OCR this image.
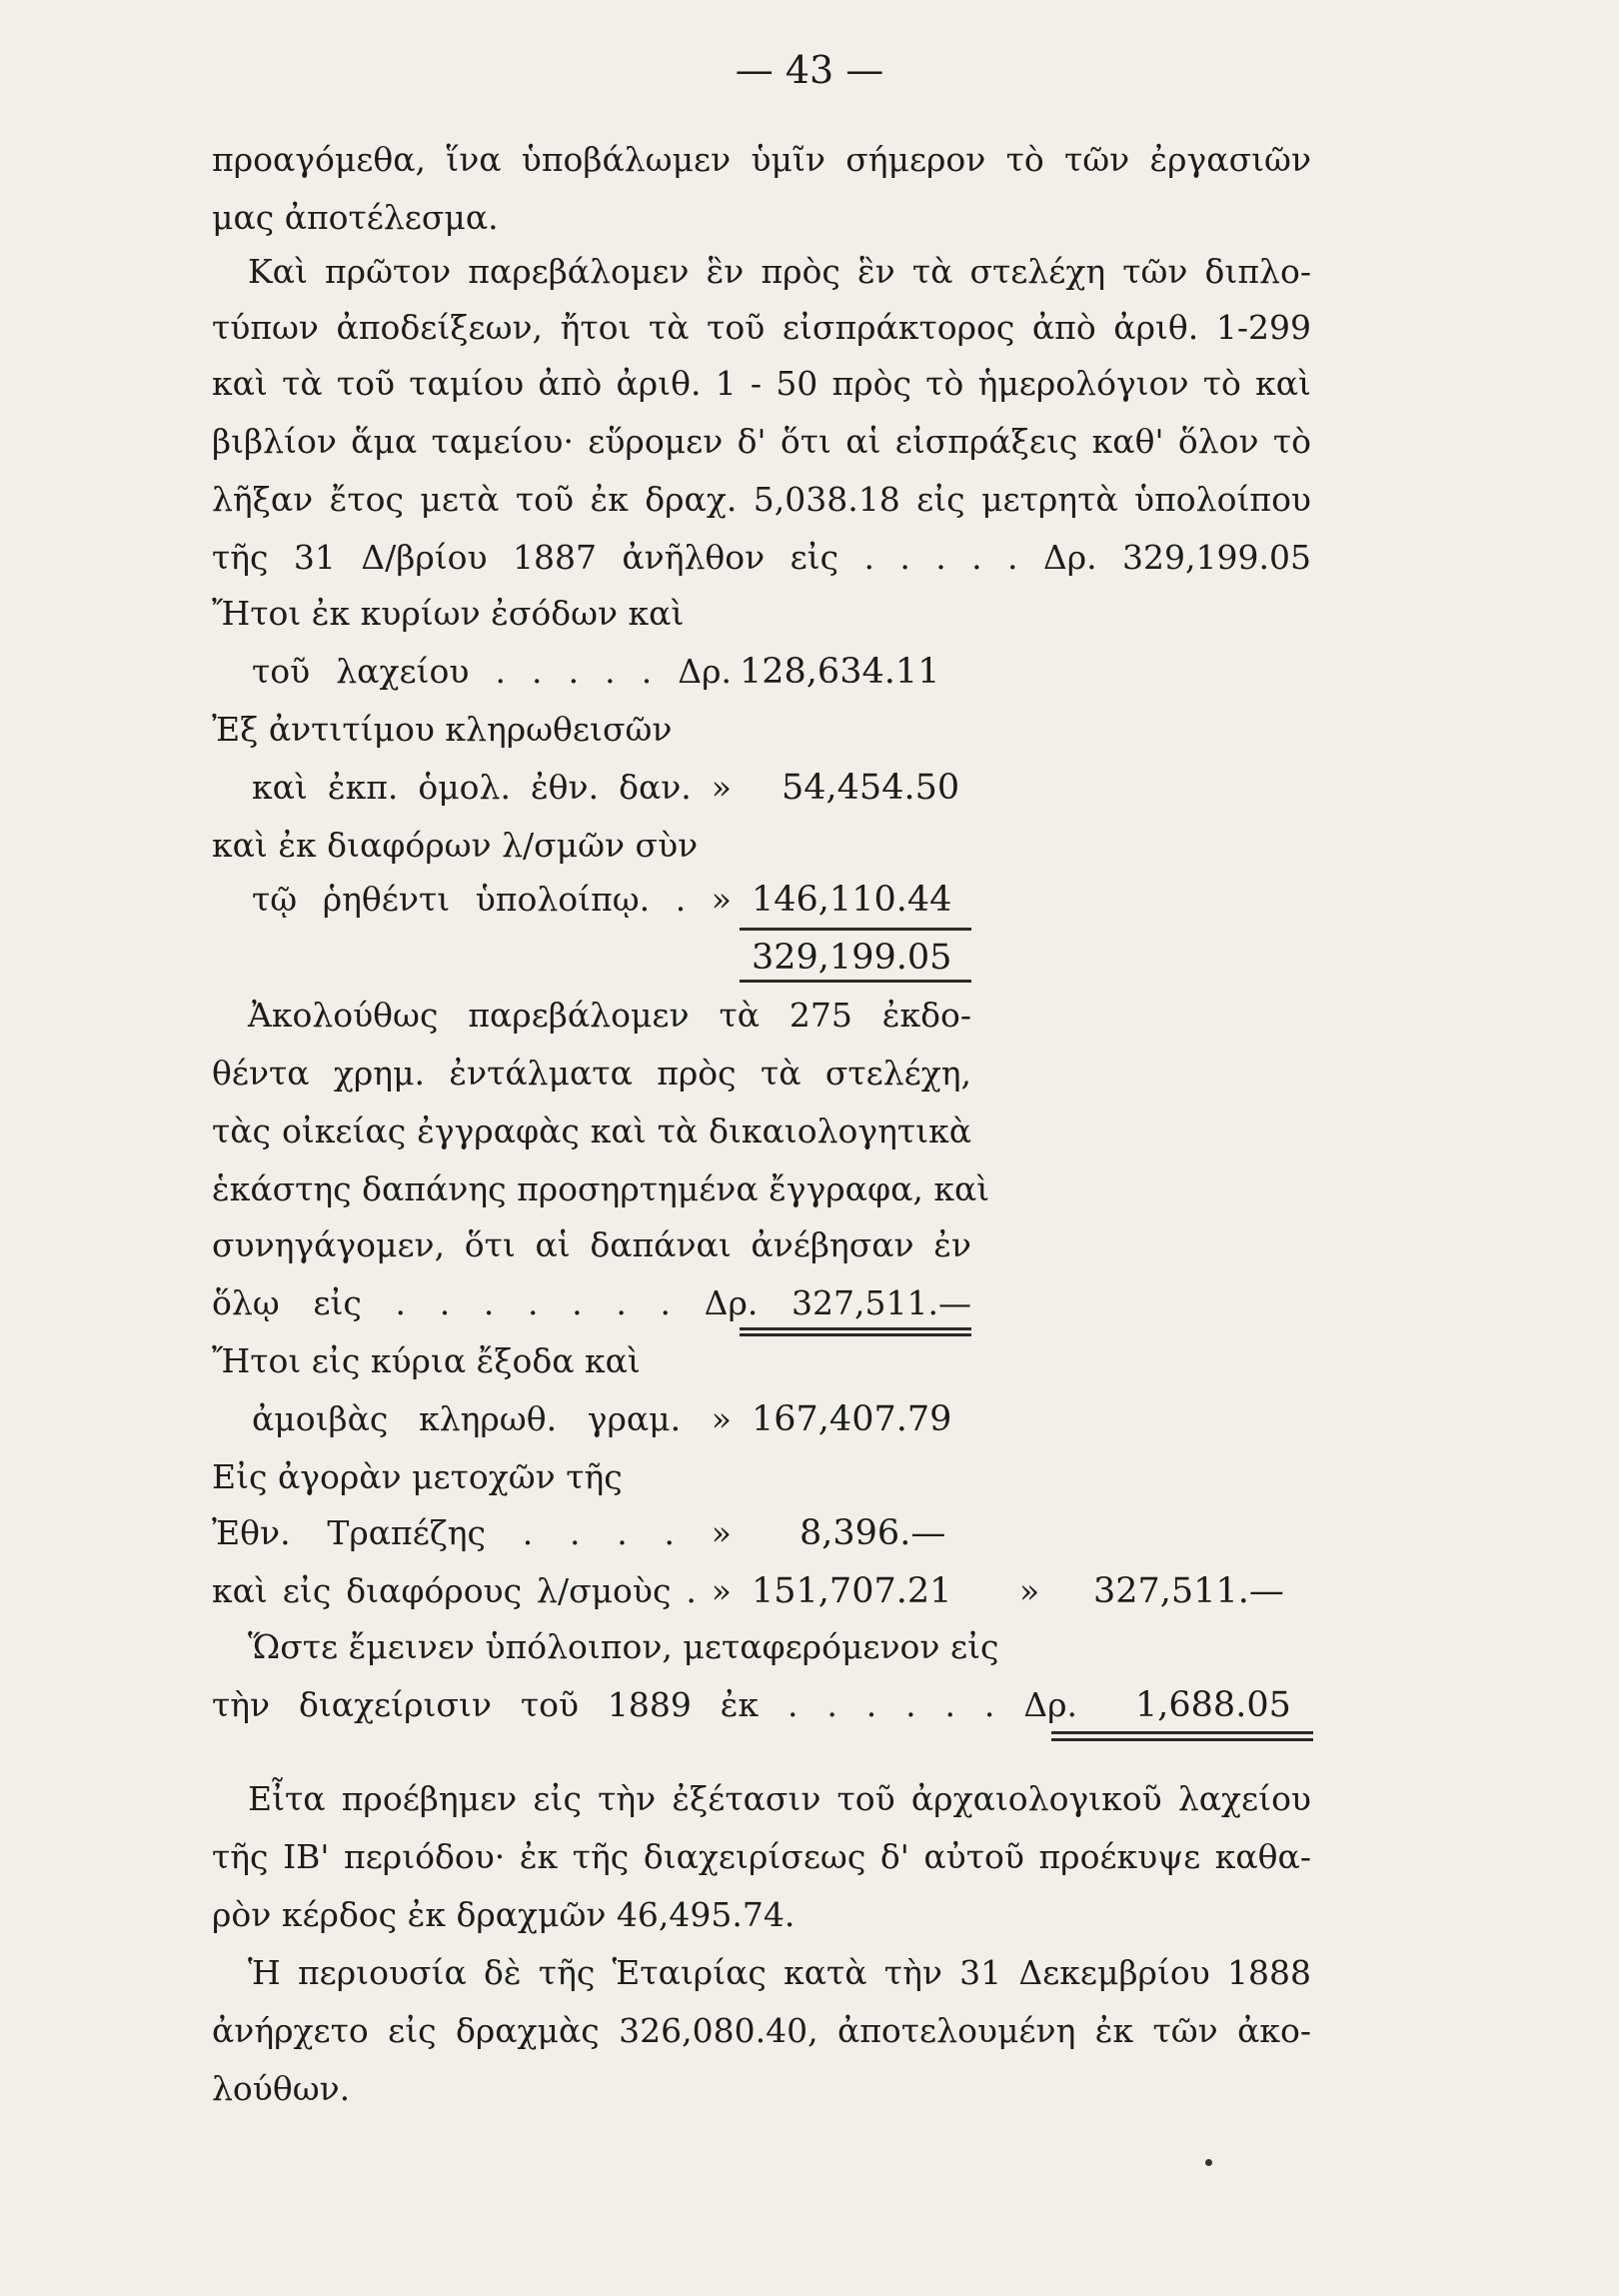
— 43 —
προαγόμεθα, ἵνα ὑποβάλωμεν ὑμῖν σήμερον τὸ τῶν ἐργασιῶν
μας ἀποτέλεσμα.
Καὶ πρῶτον παρεβάλομεν ἓν πρὸς ἓν τὰ στελέχη τῶν διπλο-
τύπων ἀποδείξεων, ἤτοι τὰ τοῦ εἰσπράκτορος ἀπὸ ἀριθ. 1-299
καὶ τὰ τοῦ ταμίου ἀπὸ ἀριθ. 1 - 50 πρὸς τὸ ἡμερολόγιον τὸ καὶ
βιβλίον ἅμα ταμείου· εὕρομεν δ' ὅτι αἱ εἰσπράξεις καθ' ὅλον τὸ
λῆξαν ἔτος μετὰ τοῦ ἐκ δραχ. 5,038.18 εἰς μετρητὰ ὑπολοίπου
τῆς 31 Δ/βρίου 1887 ἀνῆλθον εἰς . . . . . Δρ. 329,199.05
Ἤτοι ἐκ κυρίων ἐσόδων καὶ
τοῦ λαχείου . . . . . Δρ. 128,634.11
Ἐξ ἀντιτίμου κληρωθεισῶν
καὶ ἐκπ. ὁμολ. ἐθν. δαν. » 54,454.50
καὶ ἐκ διαφόρων λ/σμῶν σὺν
τῷ ῥηθέντι ὑπολοίπῳ. . » 146,110.44
329,199.05
Ἀκολούθως παρεβάλομεν τὰ 275 ἐκδο-
θέντα χρημ. ἐντάλματα πρὸς τὰ στελέχη,
τὰς οἰκείας ἐγγραφὰς καὶ τὰ δικαιολογητικὰ
ἑκάστης δαπάνης προσηρτημένα ἔγγραφα, καὶ
συνηγάγομεν, ὅτι αἱ δαπάναι ἀνέβησαν ἐν
ὅλῳ εἰς . . . . . . . Δρ. 327,511.—
Ἤτοι εἰς κύρια ἔξοδα καὶ
ἀμοιβὰς κληρωθ. γραμ. » 167,407.79
Εἰς ἀγορὰν μετοχῶν τῆς
Ἐθν. Τραπέζης . . . . » 8,396.—
καὶ εἰς διαφόρους λ/σμοὺς . » 151,707.21 » 327,511.—
Ὥστε ἔμεινεν ὑπόλοιπον, μεταφερόμενον εἰς
τὴν διαχείρισιν τοῦ 1889 ἐκ . . . . . . Δρ. 1,688.05
Εἶτα προέβημεν εἰς τὴν ἐξέτασιν τοῦ ἀρχαιολογικοῦ λαχείου
τῆς ΙΒ' περιόδου· ἐκ τῆς διαχειρίσεως δ' αὐτοῦ προέκυψε καθα-
ρὸν κέρδος ἐκ δραχμῶν 46,495.74.
Ἡ περιουσία δὲ τῆς Ἑταιρίας κατὰ τὴν 31 Δεκεμβρίου 1888
ἀνήρχετο εἰς δραχμὰς 326,080.40, ἀποτελουμένη ἐκ τῶν ἀκο-
λούθων.
